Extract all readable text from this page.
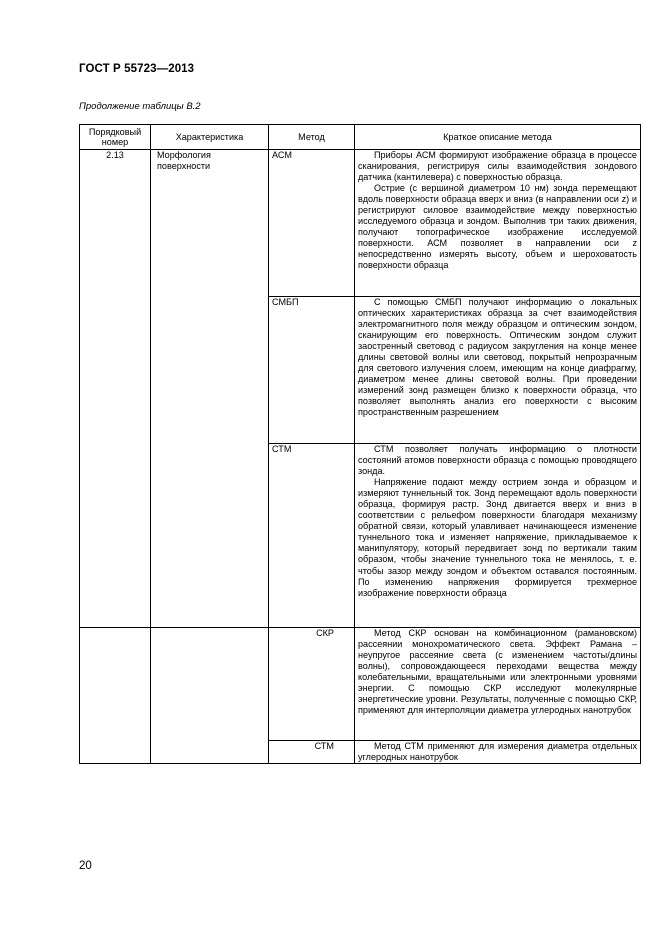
ГОСТ Р 55723—2013
Продолжение таблицы В.2
Порядковый номер	Характеристика	Метод	Краткое описание метода
2.13	Морфология поверхности	АСМ	Приборы АСМ формируют изображение образца в процессе сканирования, регистрируя силы взаимодействия зондового датчика (кантилевера) с поверхностью образца.

Острие (с вершиной диаметром 10 нм) зонда перемещают вдоль поверхности образца вверх и вниз (в направлении оси z) и регистрируют силовое взаимодействие между поверхностью исследуемого образца и зондом. Выполнив три таких движения, получают топографическое изображение исследуемой поверхности. АСМ позволяет в направлении оси z непосредственно измерять высоту, объем и шероховатость поверхности образца

		СМБП	С помощью СМБП получают информацию о локальных оптических характеристиках образца за счет взаимодействия электромагнитного поля между образцом и оптическим зондом, сканирующим его поверхность. Оптическим зондом служит заостренный световод с радиусом закругления на конце менее длины световой волны или световод, покрытый непрозрачным для светового излучения слоем, имеющим на конце диафрагму, диаметром менее длины световой волны. При проведении измерений зонд размещен близко к поверхности образца, что позволяет выполнять анализ его поверхности с высоким пространственным разрешением

		СТМ	СТМ позволяет получать информацию о плотности состояний атомов поверхности образца с помощью проводящего зонда.

Напряжение подают между острием зонда и образцом и измеряют туннельный ток. Зонд перемещают вдоль поверхности образца, формируя растр. Зонд двигается вверх и вниз в соответствии с рельефом поверхности благодаря механизму обратной связи, который улавливает начинающееся изменение туннельного тока и изменяет напряжение, прикладываемое к манипулятору, который передвигает зонд по вертикали таким образом, чтобы значение туннельного тока не менялось, т. е. чтобы зазор между зондом и объектом оставался постоянным. По изменению напряжения формируется трехмерное изображение поверхности образца

		СКР	Метод СКР основан на комбинационном (рамановском) рассеянии монохроматического света. Эффект Рамана – неупругое рассеяние света (с изменением частоты/длины волны), сопровождающееся переходами вещества между колебательными, вращательными или электронными уровнями энергии. С помощью СКР исследуют молекулярные энергетические уровни. Результаты, полученные с помощью СКР, применяют для интерполяции диаметра углеродных нанотрубок

		СТМ	Метод СТМ применяют для измерения диаметра отдельных углеродных нанотрубок

20
